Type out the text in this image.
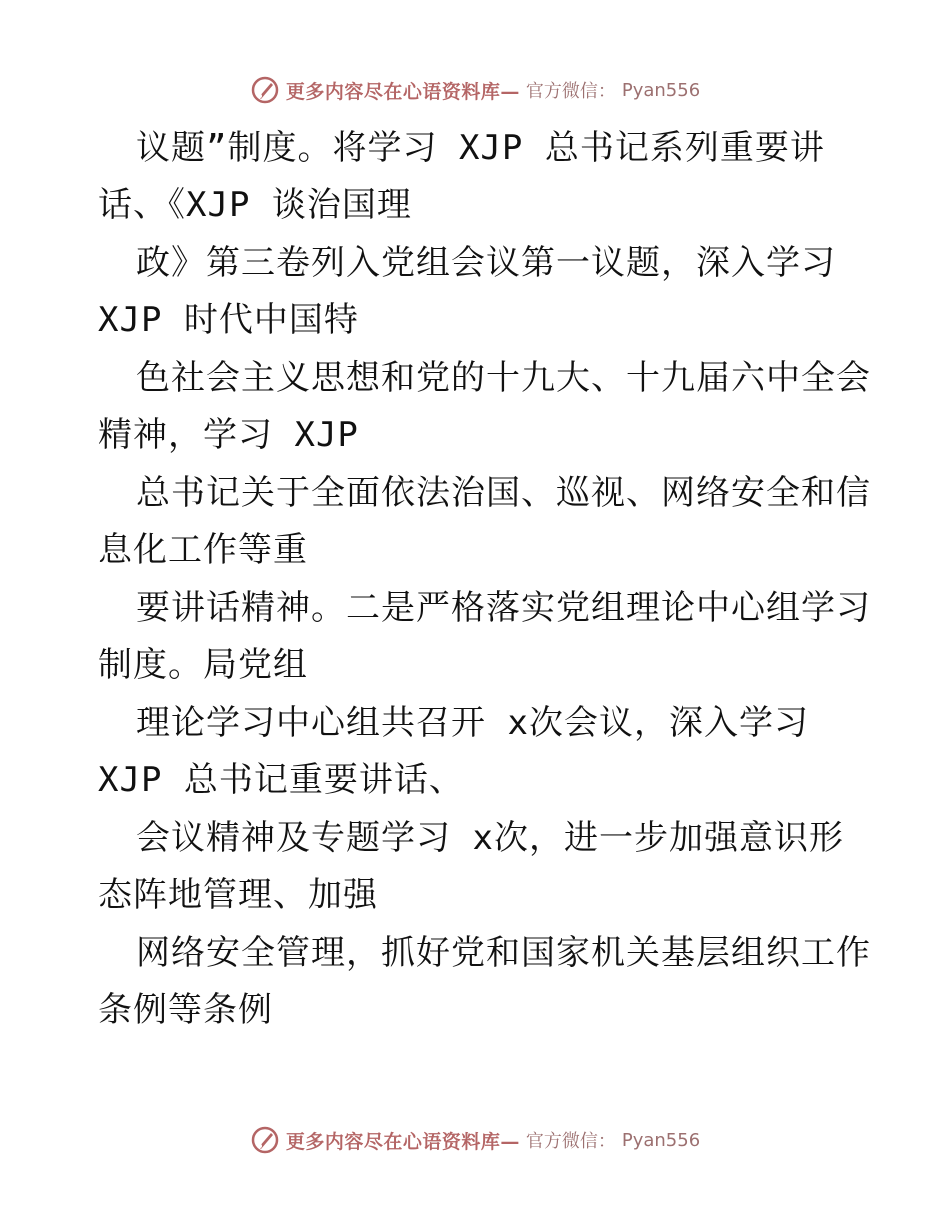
更多内容尽在心语资料库— 官方微信： Pyan556
议题”制度。将学习 XJP 总书记系列重要讲
话、《XJP 谈治国理
政》第三卷列入党组会议第一议题，深入学习
XJP 时代中国特
色社会主义思想和党的十九大、十九届六中全会
精神，学习 XJP
总书记关于全面依法治国、巡视、网络安全和信
息化工作等重
要讲话精神。二是严格落实党组理论中心组学习
制度。局党组
理论学习中心组共召开 x次会议，深入学习
XJP 总书记重要讲话、
会议精神及专题学习 x次，进一步加强意识形
态阵地管理、加强
网络安全管理，抓好党和国家机关基层组织工作
条例等条例
更多内容尽在心语资料库— 官方微信： Pyan556
